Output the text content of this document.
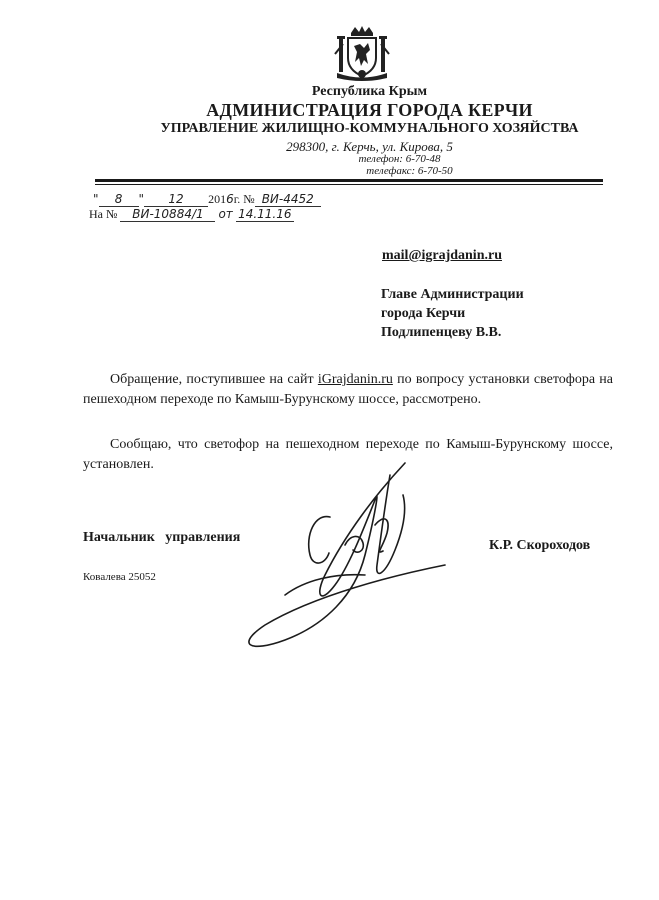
Республика Крым
АДМИНИСТРАЦИЯ ГОРОДА КЕРЧИ
УПРАВЛЕНИЕ ЖИЛИЩНО-КОММУНАЛЬНОГО ХОЗЯЙСТВА
298300, г. Керчь, ул. Кирова, 5
телефон: 6-70-48
телефакс: 6-70-50
" 8 " 12 2016г. № ВИ-4452
На № ВИ-10884/1 от 14.11.16
mail@igrajdanin.ru
Главе Администрации
города Керчи
Подлипенцеву В.В.

Обращение, поступившее на сайт iGrajdanin.ru по вопросу установки светофора на пешеходном переходе по Камыш-Бурунскому шоссе, рассмотрено.

Сообщаю, что светофор на пешеходном переходе по Камыш-Бурунскому шоссе, установлен.

Начальник   управления
К.Р. Скороходов
Ковалева 25052
